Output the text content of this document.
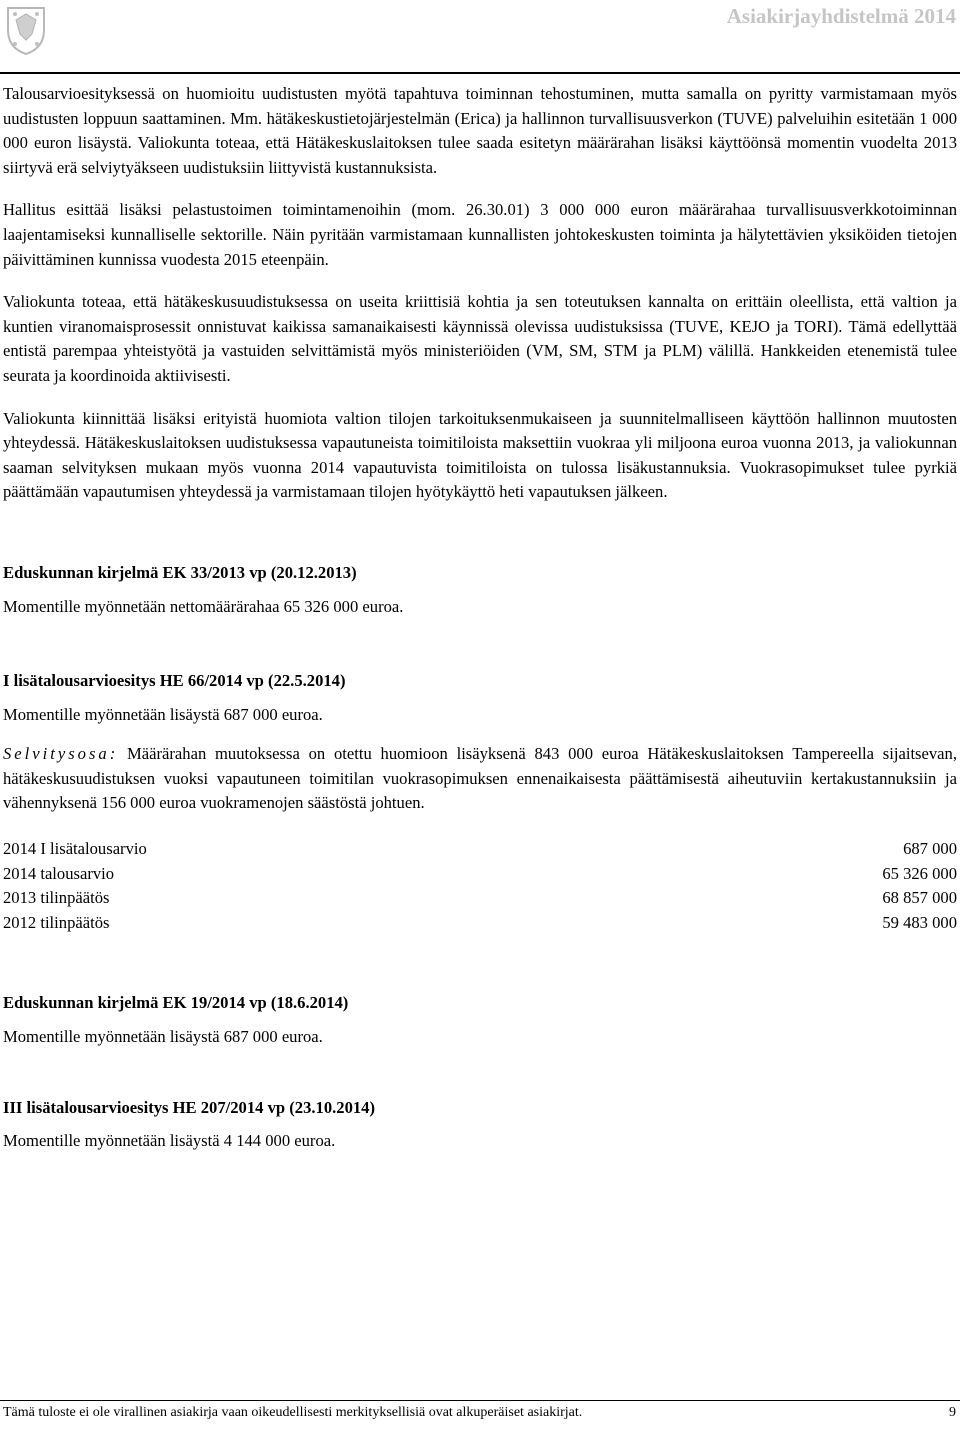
Asiakirjayhdistelmä 2014

Talousarvioesityksessä on huomioitu uudistusten myötä tapahtuva toiminnan tehostuminen, mutta samalla on pyritty varmistamaan myös uudistusten loppuun saattaminen. Mm. hätäkeskustietojärjestelmän (Erica) ja hallinnon turvallisuusverkon (TUVE) palveluihin esitetään 1 000 000 euron lisäystä. Valiokunta toteaa, että Hätäkeskuslaitoksen tulee saada esitetyn määrärahan lisäksi käyttöönsä momentin vuodelta 2013 siirtyvä erä selviytyäkseen uudistuksiin liittyvistä kustannuksista.

Hallitus esittää lisäksi pelastustoimen toimintamenoihin (mom. 26.30.01) 3 000 000 euron määrärahaa turvallisuusverkkotoiminnan laajentamiseksi kunnalliselle sektorille. Näin pyritään varmistamaan kunnallisten johtokeskusten toiminta ja hälytettävien yksiköiden tietojen päivittäminen kunnissa vuodesta 2015 eteenpäin.

Valiokunta toteaa, että hätäkeskusuudistuksessa on useita kriittisiä kohtia ja sen toteutuksen kannalta on erittäin oleellista, että valtion ja kuntien viranomaisprosessit onnistuvat kaikissa samanaikaisesti käynnissä olevissa uudistuksissa (TUVE, KEJO ja TORI). Tämä edellyttää entistä parempaa yhteistyötä ja vastuiden selvittämistä myös ministeriöiden (VM, SM, STM ja PLM) välillä. Hankkeiden etenemistä tulee seurata ja koordinoida aktiivisesti.

Valiokunta kiinnittää lisäksi erityistä huomiota valtion tilojen tarkoituksenmukaiseen ja suunnitelmalliseen käyttöön hallinnon muutosten yhteydessä. Hätäkeskuslaitoksen uudistuksessa vapautuneista toimitiloista maksettiin vuokraa yli miljoona euroa vuonna 2013, ja valiokunnan saaman selvityksen mukaan myös vuonna 2014 vapautuvista toimitiloista on tulossa lisäkustannuksia. Vuokrasopimukset tulee pyrkiä päättämään vapautumisen yhteydessä ja varmistamaan tilojen hyötykäyttö heti vapautuksen jälkeen.

Eduskunnan kirjelmä EK 33/2013 vp (20.12.2013)

Momentille myönnetään nettomäärärahaa 65 326 000 euroa.

I lisätalousarvioesitys HE 66/2014 vp (22.5.2014)

Momentille myönnetään lisäystä 687 000 euroa.

Selvitysosa: Määrärahan muutoksessa on otettu huomioon lisäyksenä 843 000 euroa Hätäkeskuslaitoksen Tampereella sijaitsevan, hätäkeskusuudistuksen vuoksi vapautuneen toimitilan vuokrasopimuksen ennenaikaisesta päättämisestä aiheutuviin kertakustannuksiin ja vähennyksenä 156 000 euroa vuokramenojen säästöstä johtuen.

2014 I lisätalousarvio	687 000
2014 talousarvio	65 326 000
2013 tilinpäätös	68 857 000
2012 tilinpäätös	59 483 000

Eduskunnan kirjelmä EK 19/2014 vp (18.6.2014)

Momentille myönnetään lisäystä 687 000 euroa.

III lisätalousarvioesitys HE 207/2014 vp (23.10.2014)

Momentille myönnetään lisäystä 4 144 000 euroa.

Tämä tuloste ei ole virallinen asiakirja vaan oikeudellisesti merkityksellisiä ovat alkuperäiset asiakirjat.	9
